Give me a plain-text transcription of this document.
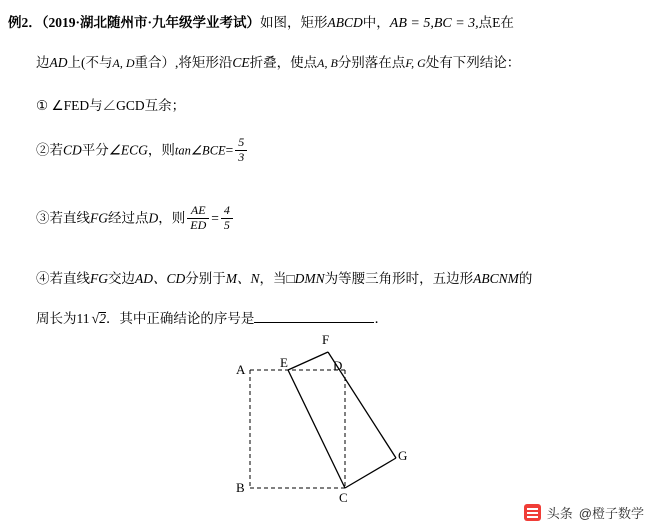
例2．（2019·湖北随州市·九年级学业考试）如图，矩形ABCD中，AB = 5,BC = 3,点E在
边AD上(不与A, D重合）,将矩形沿CE折叠，使点A, B分别落在点F, G处有下列结论：
① ∠FED与∠GCD互余；
②若CD平分∠ECG，则tan∠BCE= $\frac{5}{3}$
③若直线FG经过点D，则 $\frac{AE}{ED} = \frac{4}{5}$
④若直线FG交边AD、CD分别于M、N，当□DMN为等腰三角形时，五边形ABCNM的
周长为11 √
2．其中正确结论的序号是	．
A
B
C
D
E
F
G
头条 @橙子数学
